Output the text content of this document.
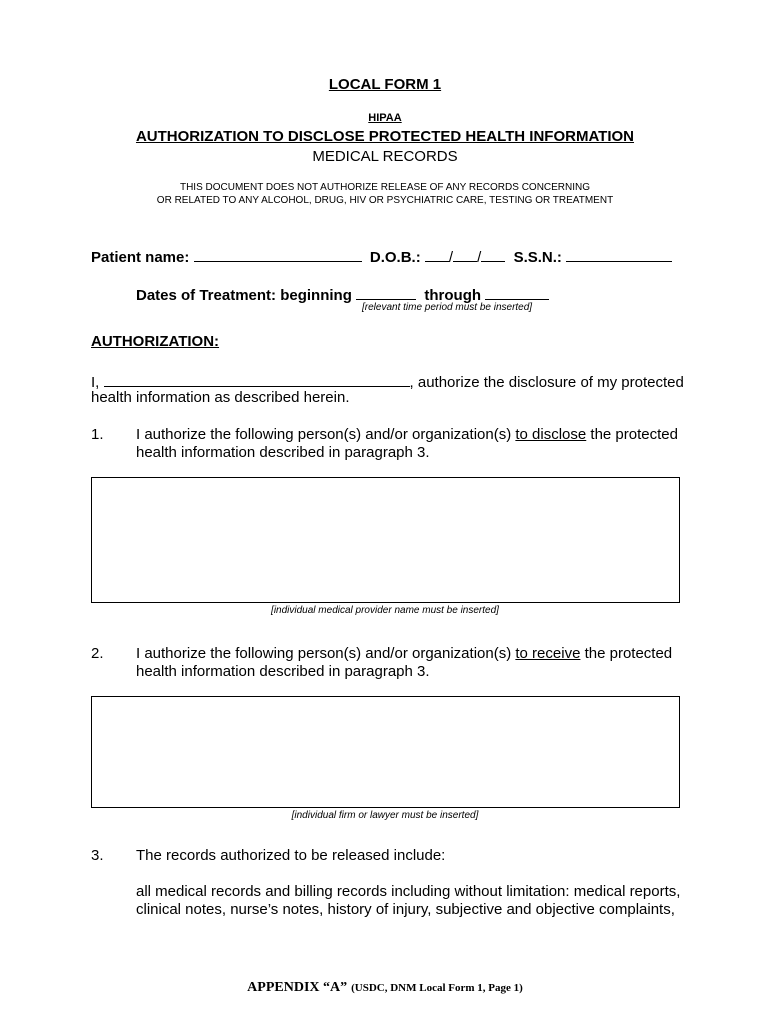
LOCAL FORM 1
HIPAA
AUTHORIZATION TO DISCLOSE PROTECTED HEALTH INFORMATION
MEDICAL RECORDS
THIS DOCUMENT DOES NOT AUTHORIZE RELEASE OF ANY RECORDS CONCERNING
OR RELATED TO ANY ALCOHOL, DRUG, HIV OR PSYCHIATRIC CARE, TESTING OR TREATMENT
Patient name:	D.O.B.: / / S.S.N.:
Dates of Treatment: beginning	through
[relevant time period must be inserted]
AUTHORIZATION:
I,	, authorize the disclosure of my protected
health information as described herein.
1. I authorize the following person(s) and/or organization(s) to disclose the protected
health information described in paragraph 3.
[individual medical provider name must be inserted]
2. I authorize the following person(s) and/or organization(s) to receive the protected
health information described in paragraph 3.
[individual firm or lawyer must be inserted]
3. The records authorized to be released include:
all medical records and billing records including without limitation: medical reports,
clinical notes, nurse’s notes, history of injury, subjective and objective complaints,
APPENDIX “A” (USDC, DNM Local Form 1, Page 1)
